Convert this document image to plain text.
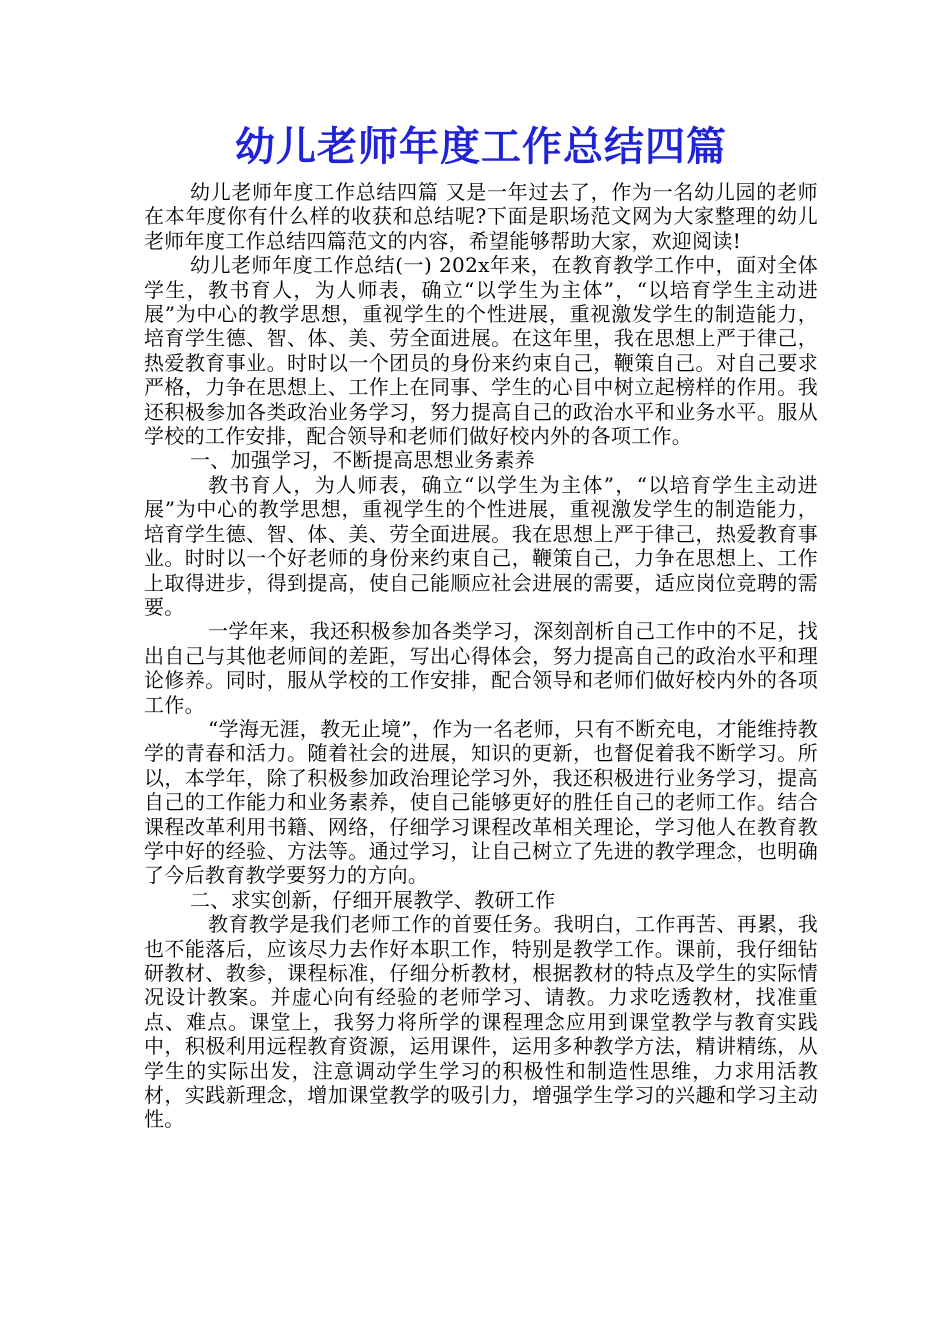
幼儿老师年度工作总结四篇

幼儿老师年度工作总结四篇 又是一年过去了，作为一名幼儿园的老师在本年度你有什么样的收获和总结呢?下面是职场范文网为大家整理的幼儿老师年度工作总结四篇范文的内容，希望能够帮助大家，欢迎阅读!

幼儿老师年度工作总结(一) 202x年来，在教育教学工作中，面对全体学生，教书育人，为人师表，确立“以学生为主体”，“以培育学生主动进展”为中心的教学思想，重视学生的个性进展，重视激发学生的制造能力，培育学生德、智、体、美、劳全面进展。在这年里，我在思想上严于律己，热爱教育事业。时时以一个团员的身份来约束自己，鞭策自己。对自己要求严格，力争在思想上、工作上在同事、学生的心目中树立起榜样的作用。我还积极参加各类政治业务学习，努力提高自己的政治水平和业务水平。服从学校的工作安排，配合领导和老师们做好校内外的各项工作。

一、加强学习，不断提高思想业务素养

教书育人，为人师表，确立“以学生为主体”，“以培育学生主动进展”为中心的教学思想，重视学生的个性进展，重视激发学生的制造能力，培育学生德、智、体、美、劳全面进展。我在思想上严于律己，热爱教育事业。时时以一个好老师的身份来约束自己，鞭策自己，力争在思想上、工作上取得进步，得到提高，使自己能顺应社会进展的需要，适应岗位竞聘的需要。

一学年来，我还积极参加各类学习，深刻剖析自己工作中的不足，找出自己与其他老师间的差距，写出心得体会，努力提高自己的政治水平和理论修养。同时，服从学校的工作安排，配合领导和老师们做好校内外的各项工作。

“学海无涯，教无止境”，作为一名老师，只有不断充电，才能维持教学的青春和活力。随着社会的进展，知识的更新，也督促着我不断学习。所以，本学年，除了积极参加政治理论学习外，我还积极进行业务学习，提高自己的工作能力和业务素养，使自己能够更好的胜任自己的老师工作。结合课程改革利用书籍、网络，仔细学习课程改革相关理论，学习他人在教育教学中好的经验、方法等。通过学习，让自己树立了先进的教学理念，也明确了今后教育教学要努力的方向。

二、求实创新，仔细开展教学、教研工作

教育教学是我们老师工作的首要任务。我明白，工作再苦、再累，我也不能落后，应该尽力去作好本职工作，特别是教学工作。课前，我仔细钻研教材、教参，课程标准，仔细分析教材，根据教材的特点及学生的实际情况设计教案。并虚心向有经验的老师学习、请教。力求吃透教材，找准重点、难点。课堂上，我努力将所学的课程理念应用到课堂教学与教育实践中，积极利用远程教育资源，运用课件，运用多种教学方法，精讲精练，从学生的实际出发，注意调动学生学习的积极性和制造性思维，力求用活教材，实践新理念，增加课堂教学的吸引力，增强学生学习的兴趣和学习主动性。
